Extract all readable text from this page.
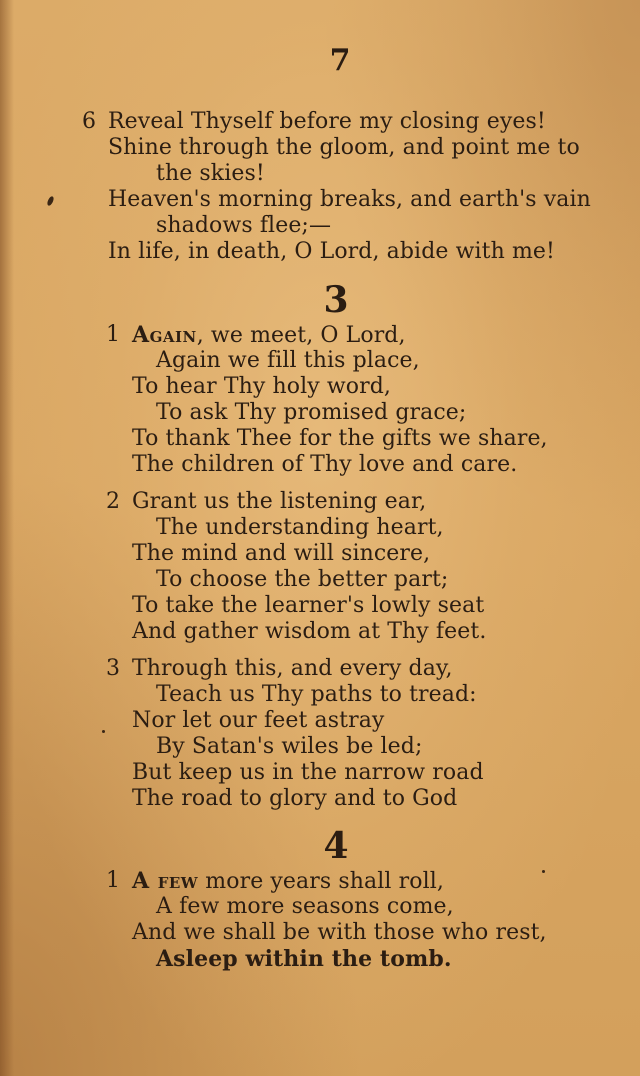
7
6 Reveal Thyself before my closing eyes!
Shine through the gloom, and point me to
the skies!
Heaven's morning breaks, and earth's vain
shadows flee;—
In life, in death, O Lord, abide with me!
3
1 Again, we meet, O Lord,
Again we fill this place,
To hear Thy holy word,
To ask Thy promised grace;
To thank Thee for the gifts we share,
The children of Thy love and care.
2 Grant us the listening ear,
The understanding heart,
The mind and will sincere,
To choose the better part;
To take the learner's lowly seat
And gather wisdom at Thy feet.
3 Through this, and every day,
Teach us Thy paths to tread:
Nor let our feet astray
By Satan's wiles be led;
But keep us in the narrow road
The road to glory and to God
4
1 A few more years shall roll,
A few more seasons come,
And we shall be with those who rest,
Asleep within the tomb.
